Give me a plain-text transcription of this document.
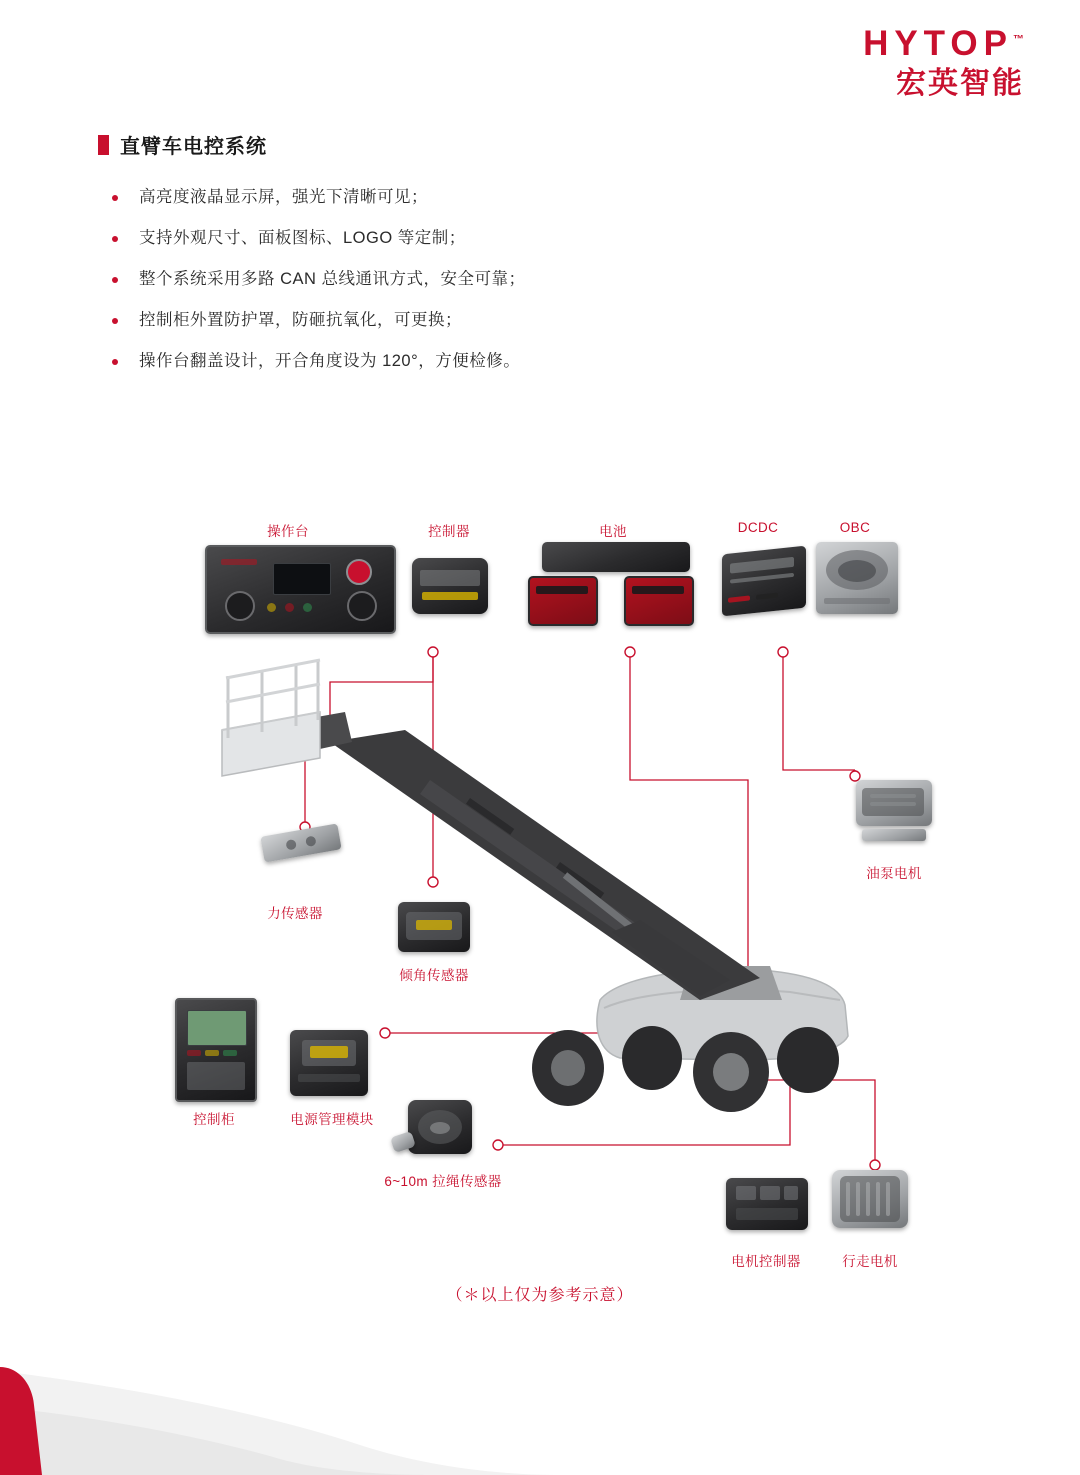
HYTOP™
宏英智能
直臂车电控系统
高亮度液晶显示屏，强光下清晰可见；
支持外观尺寸、面板图标、LOGO 等定制；
整个系统采用多路 CAN 总线通讯方式，安全可靠；
控制柜外置防护罩，防砸抗氧化，可更换；
操作台翻盖设计，开合角度设为 120°，方便检修。
操作台	控制器	电池	DCDC	OBC
油泵电机
力传感器
倾角传感器
控制柜	电源管理模块
6~10m 拉绳传感器
电机控制器	行走电机
（＊以上仅为参考示意）
